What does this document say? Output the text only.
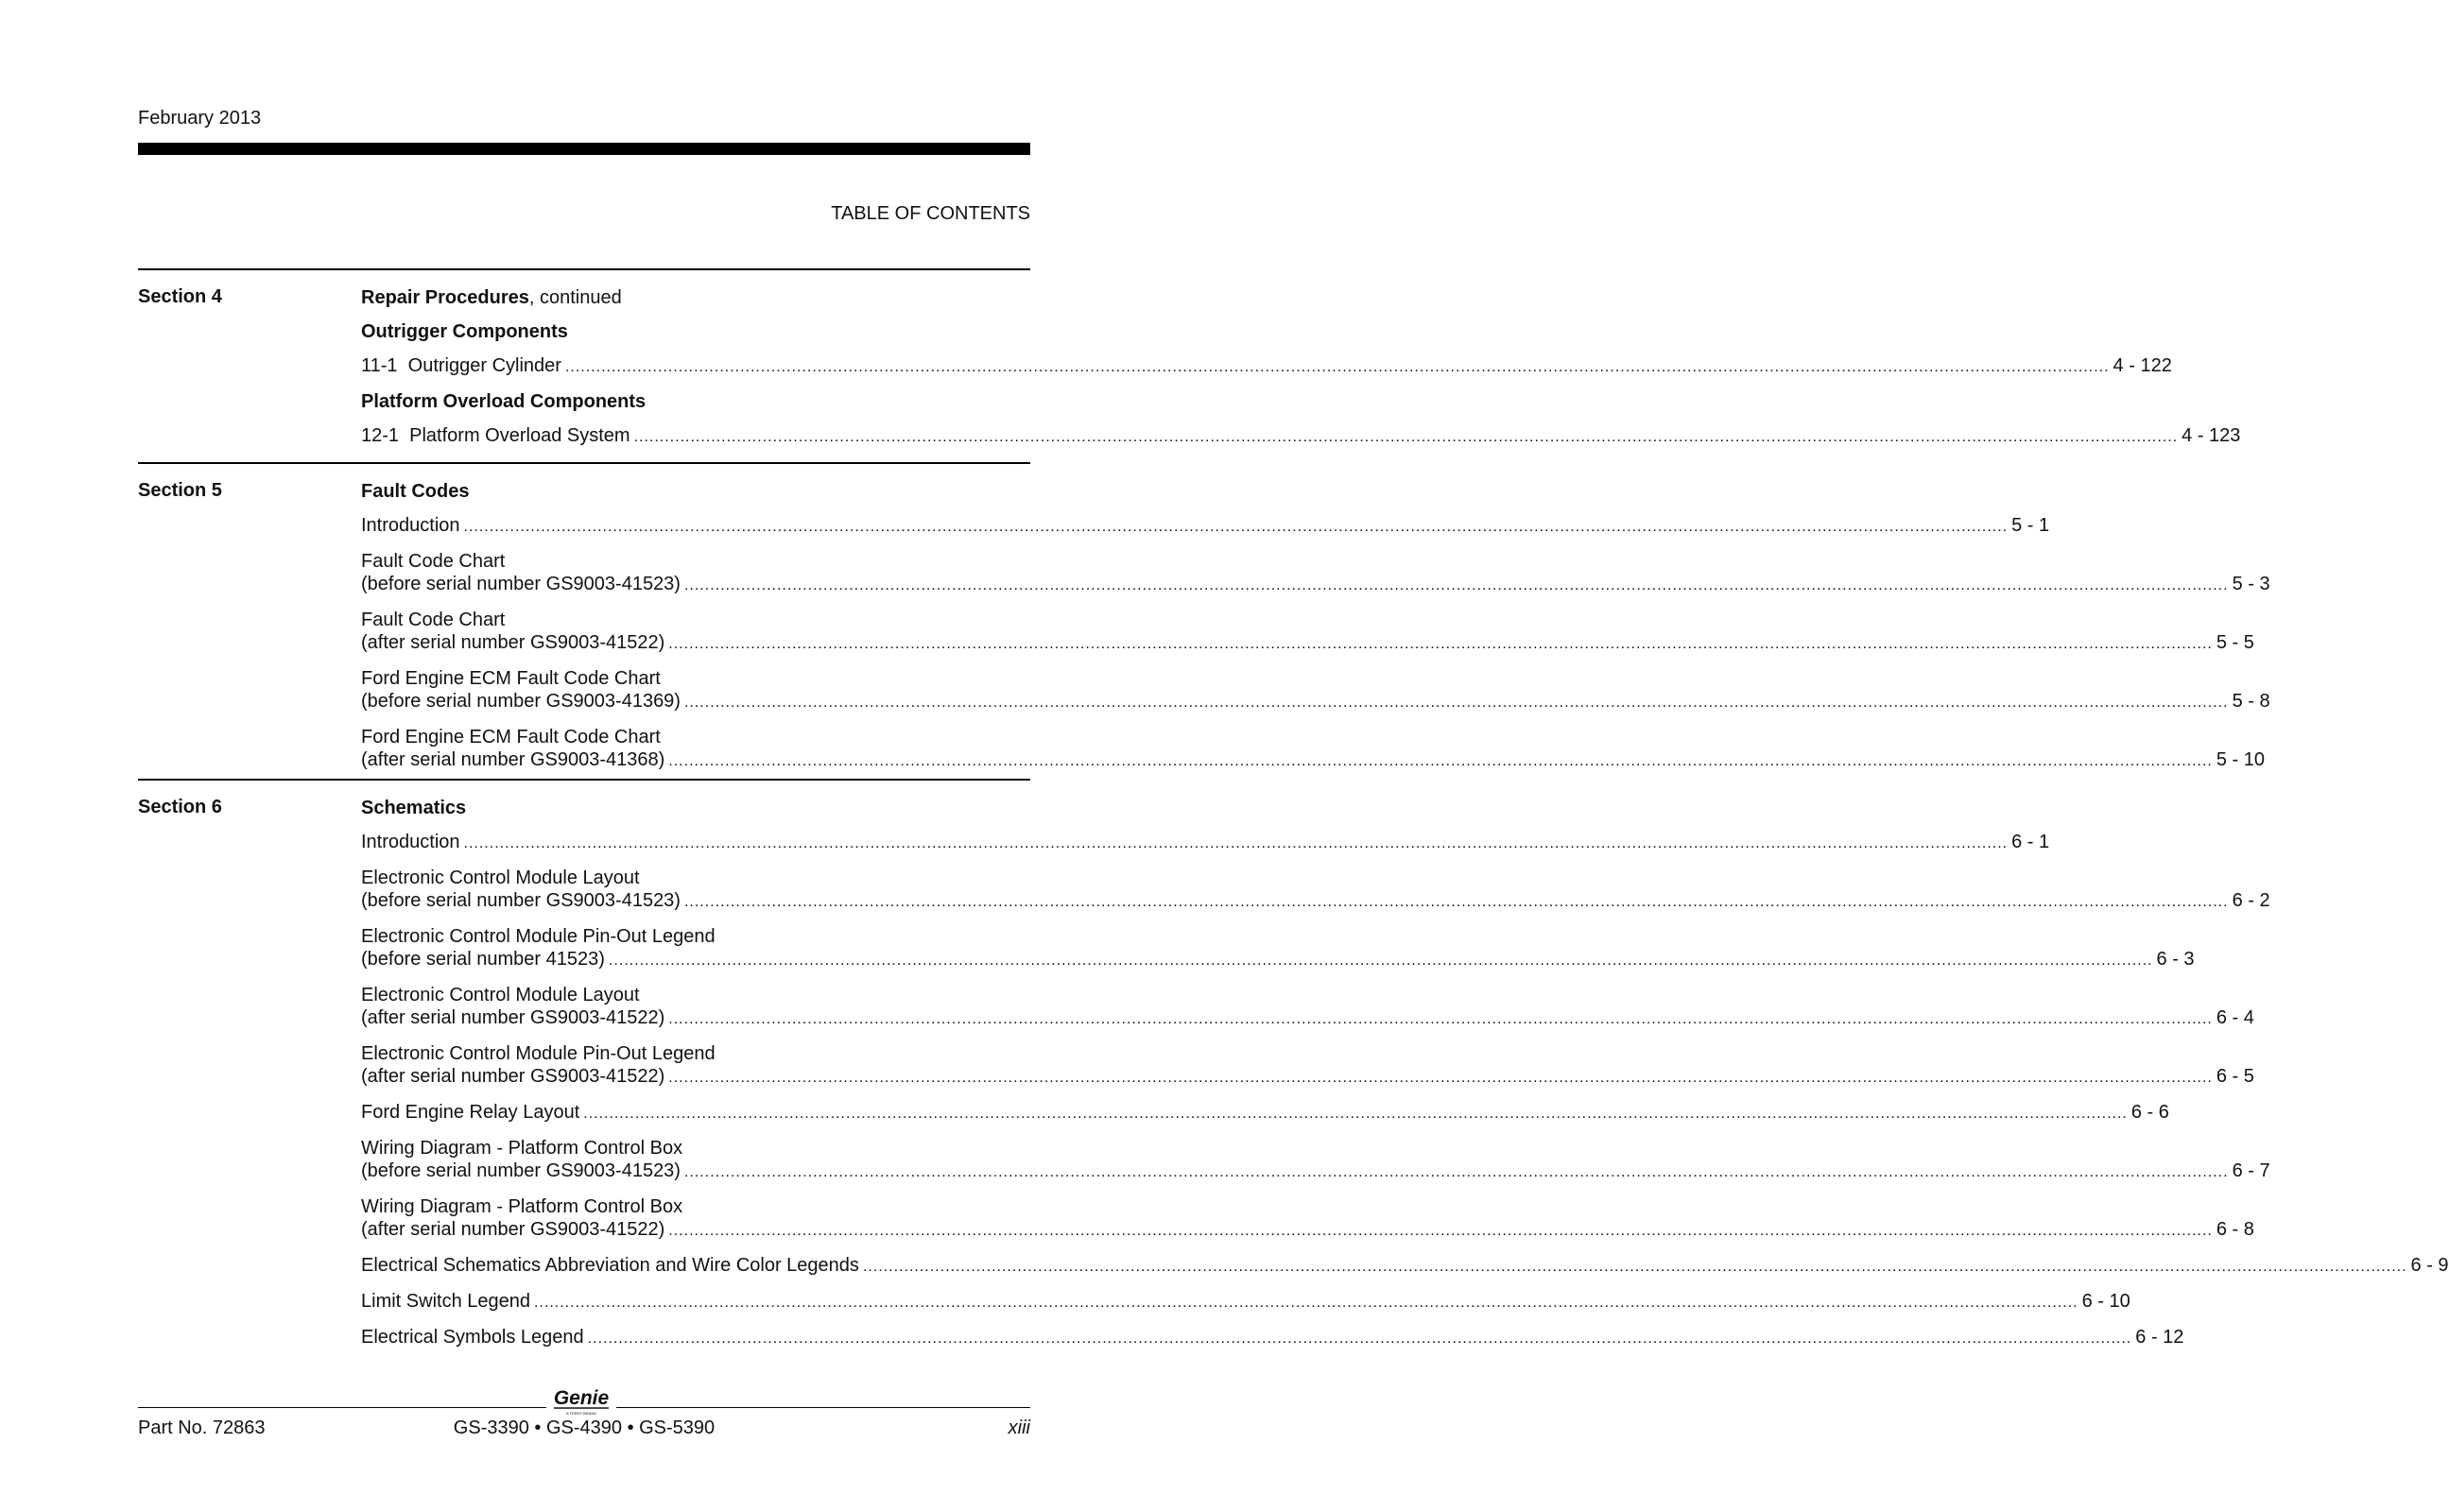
February 2013
TABLE OF CONTENTS
Section 4	Repair Procedures, continued
Outrigger Components
11-1  Outrigger Cylinder ............................................................................................................................................................................................................................................................................................................ 4 - 122
Platform Overload Components
12-1  Platform Overload System ............................................................................................................................................................................................................................................................................................................ 4 - 123
Section 5	Fault Codes
Introduction ............................................................................................................................................................................................................................................................................................................ 5 - 1
Fault Code Chart
(before serial number GS9003-41523) ............................................................................................................................................................................................................................................................................................................ 5 - 3
Fault Code Chart
(after serial number GS9003-41522) ............................................................................................................................................................................................................................................................................................................ 5 - 5
Ford Engine ECM Fault Code Chart
(before serial number GS9003-41369) ............................................................................................................................................................................................................................................................................................................ 5 - 8
Ford Engine ECM Fault Code Chart
(after serial number GS9003-41368) ............................................................................................................................................................................................................................................................................................................ 5 - 10
Section 6	Schematics
Introduction ............................................................................................................................................................................................................................................................................................................ 6 - 1
Electronic Control Module Layout
(before serial number GS9003-41523) ............................................................................................................................................................................................................................................................................................................ 6 - 2
Electronic Control Module Pin-Out Legend
(before serial number 41523) ............................................................................................................................................................................................................................................................................................................ 6 - 3
Electronic Control Module Layout
(after serial number GS9003-41522) ............................................................................................................................................................................................................................................................................................................ 6 - 4
Electronic Control Module Pin-Out Legend
(after serial number GS9003-41522) ............................................................................................................................................................................................................................................................................................................ 6 - 5
Ford Engine Relay Layout ............................................................................................................................................................................................................................................................................................................ 6 - 6
Wiring Diagram - Platform Control Box
(before serial number GS9003-41523) ............................................................................................................................................................................................................................................................................................................ 6 - 7
Wiring Diagram - Platform Control Box
(after serial number GS9003-41522) ............................................................................................................................................................................................................................................................................................................ 6 - 8
Electrical Schematics Abbreviation and Wire Color Legends ............................................................................................................................................................................................................................................................................................................ 6 - 9
Limit Switch Legend ............................................................................................................................................................................................................................................................................................................ 6 - 10
Electrical Symbols Legend ............................................................................................................................................................................................................................................................................................................ 6 - 12
Genie
A TEREX BRAND
Part No. 72863	GS-3390 • GS-4390 • GS-5390	xiii
